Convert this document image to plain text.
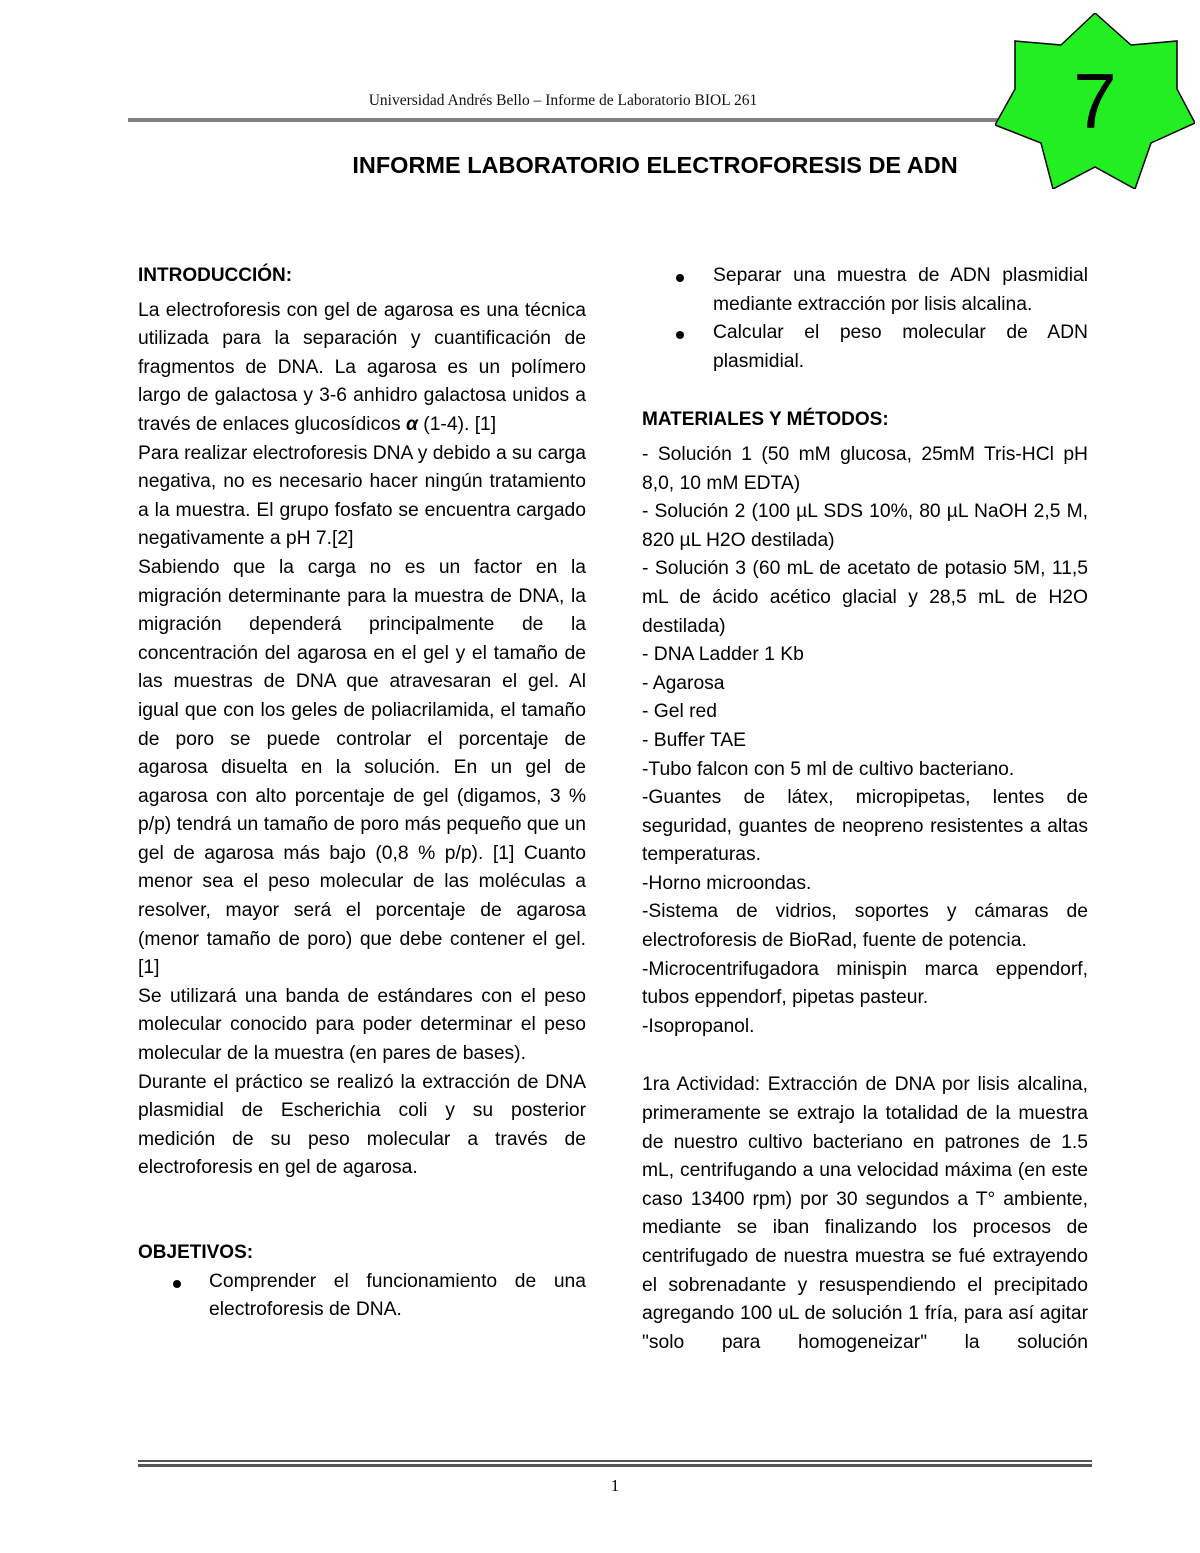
Universidad Andrés Bello – Informe de Laboratorio BIOL 261	7
INFORME LABORATORIO ELECTROFORESIS DE ADN
INTRODUCCIÓN:
La electroforesis con gel de agarosa es una técnica utilizada para la separación y cuantificación de fragmentos de DNA. La agarosa es un polímero largo de galactosa y 3-6 anhidro galactosa unidos a través de enlaces glucosídicos α (1-4). [1]
Para realizar electroforesis DNA y debido a su carga negativa, no es necesario hacer ningún tratamiento a la muestra. El grupo fosfato se encuentra cargado negativamente a pH 7.[2]
Sabiendo que la carga no es un factor en la migración determinante para la muestra de DNA, la migración dependerá principalmente de la concentración del agarosa en el gel y el tamaño de las muestras de DNA que atravesaran el gel. Al igual que con los geles de poliacrilamida, el tamaño de poro se puede controlar el porcentaje de agarosa disuelta en la solución. En un gel de agarosa con alto porcentaje de gel (digamos, 3 % p/p) tendrá un tamaño de poro más pequeño que un gel de agarosa más bajo (0,8 % p/p). [1] Cuanto menor sea el peso molecular de las moléculas a resolver, mayor será el porcentaje de agarosa (menor tamaño de poro) que debe contener el gel. [1]
Se utilizará una banda de estándares con el peso molecular conocido para poder determinar el peso molecular de la muestra (en pares de bases).
Durante el práctico se realizó la extracción de DNA plasmidial de Escherichia coli y su posterior medición de su peso molecular a través de electroforesis en gel de agarosa.
OBJETIVOS:
Comprender el funcionamiento de una electroforesis de DNA.
Separar una muestra de ADN plasmidial mediante extracción por lisis alcalina.
Calcular el peso molecular de ADN plasmidial.
MATERIALES Y MÉTODOS:
- Solución 1 (50 mM glucosa, 25mM Tris-HCl pH 8,0, 10 mM EDTA)
- Solución 2 (100 µL SDS 10%, 80 µL NaOH 2,5 M, 820 µL H2O destilada)
- Solución 3 (60 mL de acetato de potasio 5M, 11,5 mL de ácido acético glacial y 28,5 mL de H2O destilada)
- DNA Ladder 1 Kb
- Agarosa
- Gel red
- Buffer TAE
-Tubo falcon con 5 ml de cultivo bacteriano.
-Guantes de látex, micropipetas, lentes de seguridad, guantes de neopreno resistentes a altas temperaturas.
-Horno microondas.
-Sistema de vidrios, soportes y cámaras de electroforesis de BioRad, fuente de potencia.
-Microcentrifugadora minispin marca eppendorf, tubos eppendorf, pipetas pasteur.
-Isopropanol.
1ra Actividad: Extracción de DNA por lisis alcalina, primeramente se extrajo la totalidad de la muestra de nuestro cultivo bacteriano en patrones de 1.5 mL, centrifugando a una velocidad máxima (en este caso 13400 rpm) por 30 segundos a T° ambiente, mediante se iban finalizando los procesos de centrifugado de nuestra muestra se fué extrayendo el sobrenadante y resuspendiendo el precipitado agregando 100 uL de solución 1 fría, para así agitar "solo para homogeneizar" la solución
1
